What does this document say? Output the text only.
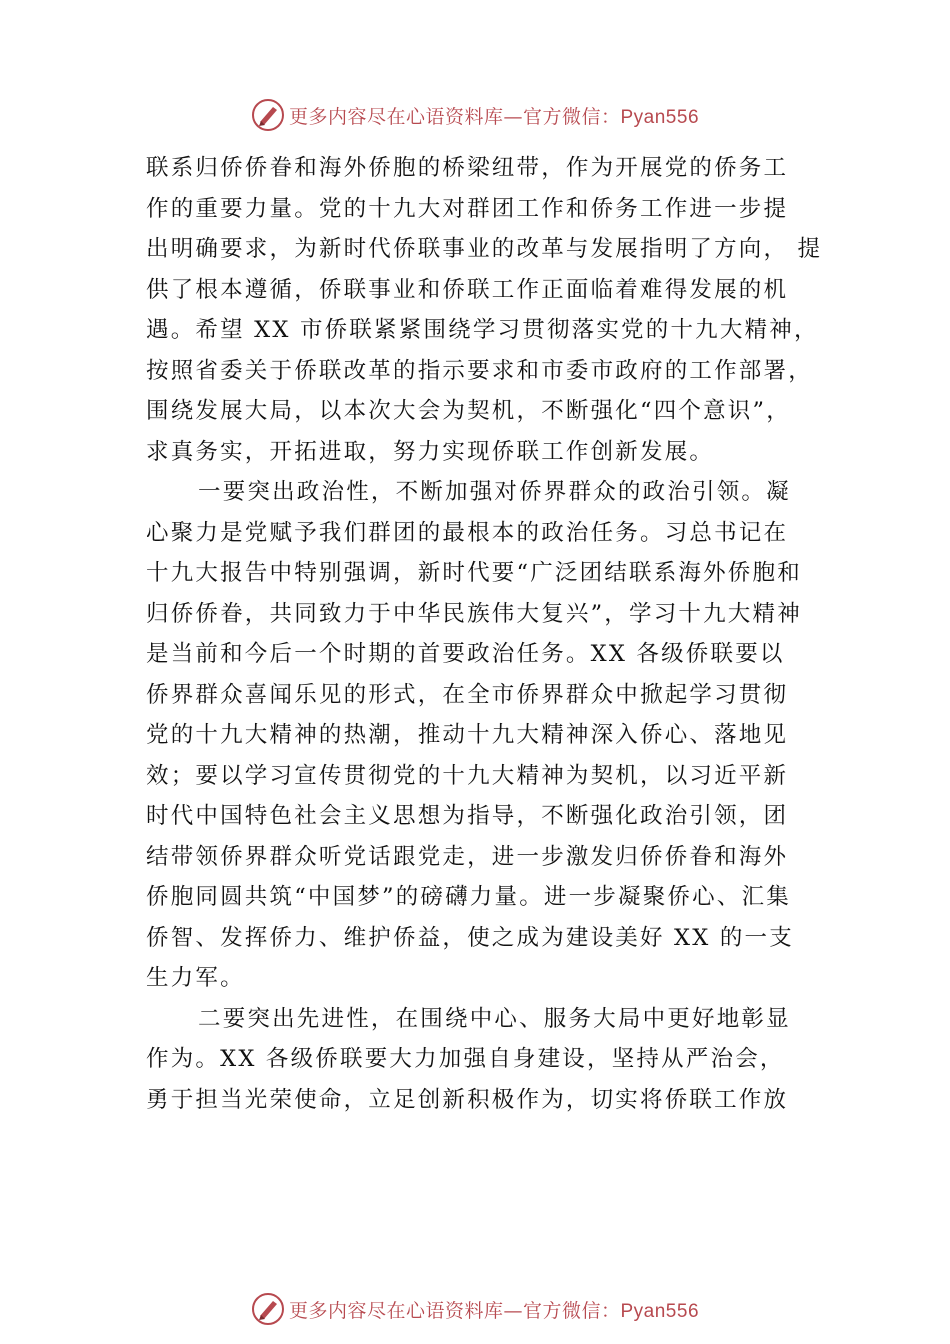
更多内容尽在心语资料库—官方微信：Pyan556
联系归侨侨眷和海外侨胞的桥梁纽带，作为开展党的侨务工
作的重要力量。党的十九大对群团工作和侨务工作进一步提
出明确要求，为新时代侨联事业的改革与发展指明了方向， 提
供了根本遵循，侨联事业和侨联工作正面临着难得发展的机
遇。希望 XX 市侨联紧紧围绕学习贯彻落实党的十九大精神，
按照省委关于侨联改革的指示要求和市委市政府的工作部署，
围绕发展大局，以本次大会为契机，不断强化“四个意识”，
求真务实，开拓进取，努力实现侨联工作创新发展。
一要突出政治性，不断加强对侨界群众的政治引领。凝
心聚力是党赋予我们群团的最根本的政治任务。习总书记在
十九大报告中特别强调，新时代要“广泛团结联系海外侨胞和
归侨侨眷，共同致力于中华民族伟大复兴”，学习十九大精神
是当前和今后一个时期的首要政治任务。XX 各级侨联要以
侨界群众喜闻乐见的形式，在全市侨界群众中掀起学习贯彻
党的十九大精神的热潮，推动十九大精神深入侨心、落地见
效；要以学习宣传贯彻党的十九大精神为契机，以习近平新
时代中国特色社会主义思想为指导，不断强化政治引领，团
结带领侨界群众听党话跟党走，进一步激发归侨侨眷和海外
侨胞同圆共筑“中国梦”的磅礴力量。进一步凝聚侨心、汇集
侨智、发挥侨力、维护侨益，使之成为建设美好 XX 的一支
生力军。
二要突出先进性，在围绕中心、服务大局中更好地彰显
作为。XX 各级侨联要大力加强自身建设，坚持从严治会，
勇于担当光荣使命，立足创新积极作为，切实将侨联工作放
更多内容尽在心语资料库—官方微信：Pyan556
